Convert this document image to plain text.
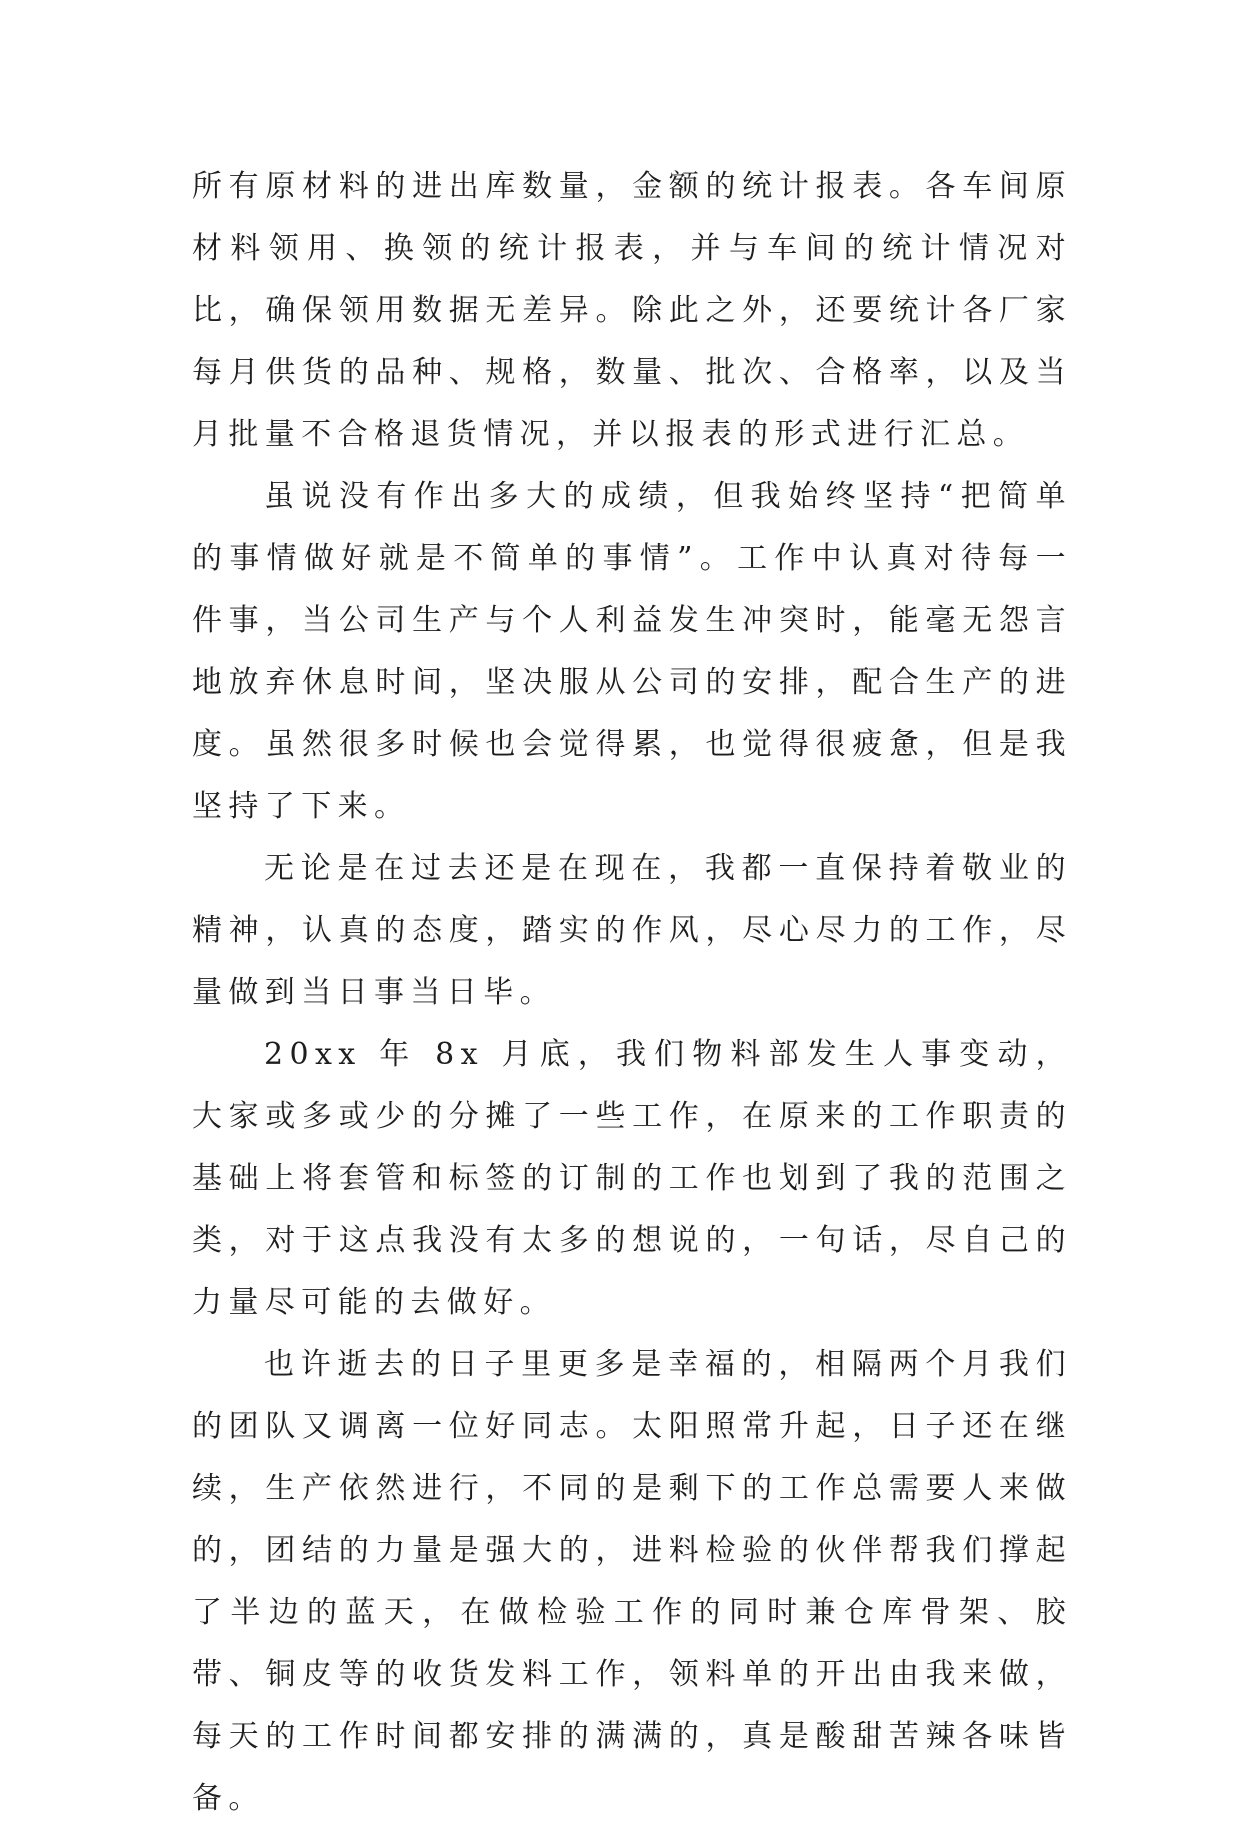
所有原材料的进出库数量，金额的统计报表。各车间原材料领用、换领的统计报表，并与车间的统计情况对比，确保领用数据无差异。除此之外，还要统计各厂家每月供货的品种、规格，数量、批次、合格率，以及当月批量不合格退货情况，并以报表的形式进行汇总。

虽说没有作出多大的成绩，但我始终坚持“把简单的事情做好就是不简单的事情”。工作中认真对待每一件事，当公司生产与个人利益发生冲突时，能毫无怨言地放弃休息时间，坚决服从公司的安排，配合生产的进度。虽然很多时候也会觉得累，也觉得很疲惫，但是我坚持了下来。

无论是在过去还是在现在，我都一直保持着敬业的精神，认真的态度，踏实的作风，尽心尽力的工作，尽量做到当日事当日毕。

20xx 年 8x 月底，我们物料部发生人事变动，大家或多或少的分摊了一些工作，在原来的工作职责的基础上将套管和标签的订制的工作也划到了我的范围之类，对于这点我没有太多的想说的，一句话，尽自己的力量尽可能的去做好。

也许逝去的日子里更多是幸福的，相隔两个月我们的团队又调离一位好同志。太阳照常升起，日子还在继续，生产依然进行，不同的是剩下的工作总需要人来做的，团结的力量是强大的，进料检验的伙伴帮我们撑起了半边的蓝天，在做检验工作的同时兼仓库骨架、胶带、铜皮等的收货发料工作，领料单的开出由我来做，每天的工作时间都安排的满满的，真是酸甜苦辣各味皆备。
